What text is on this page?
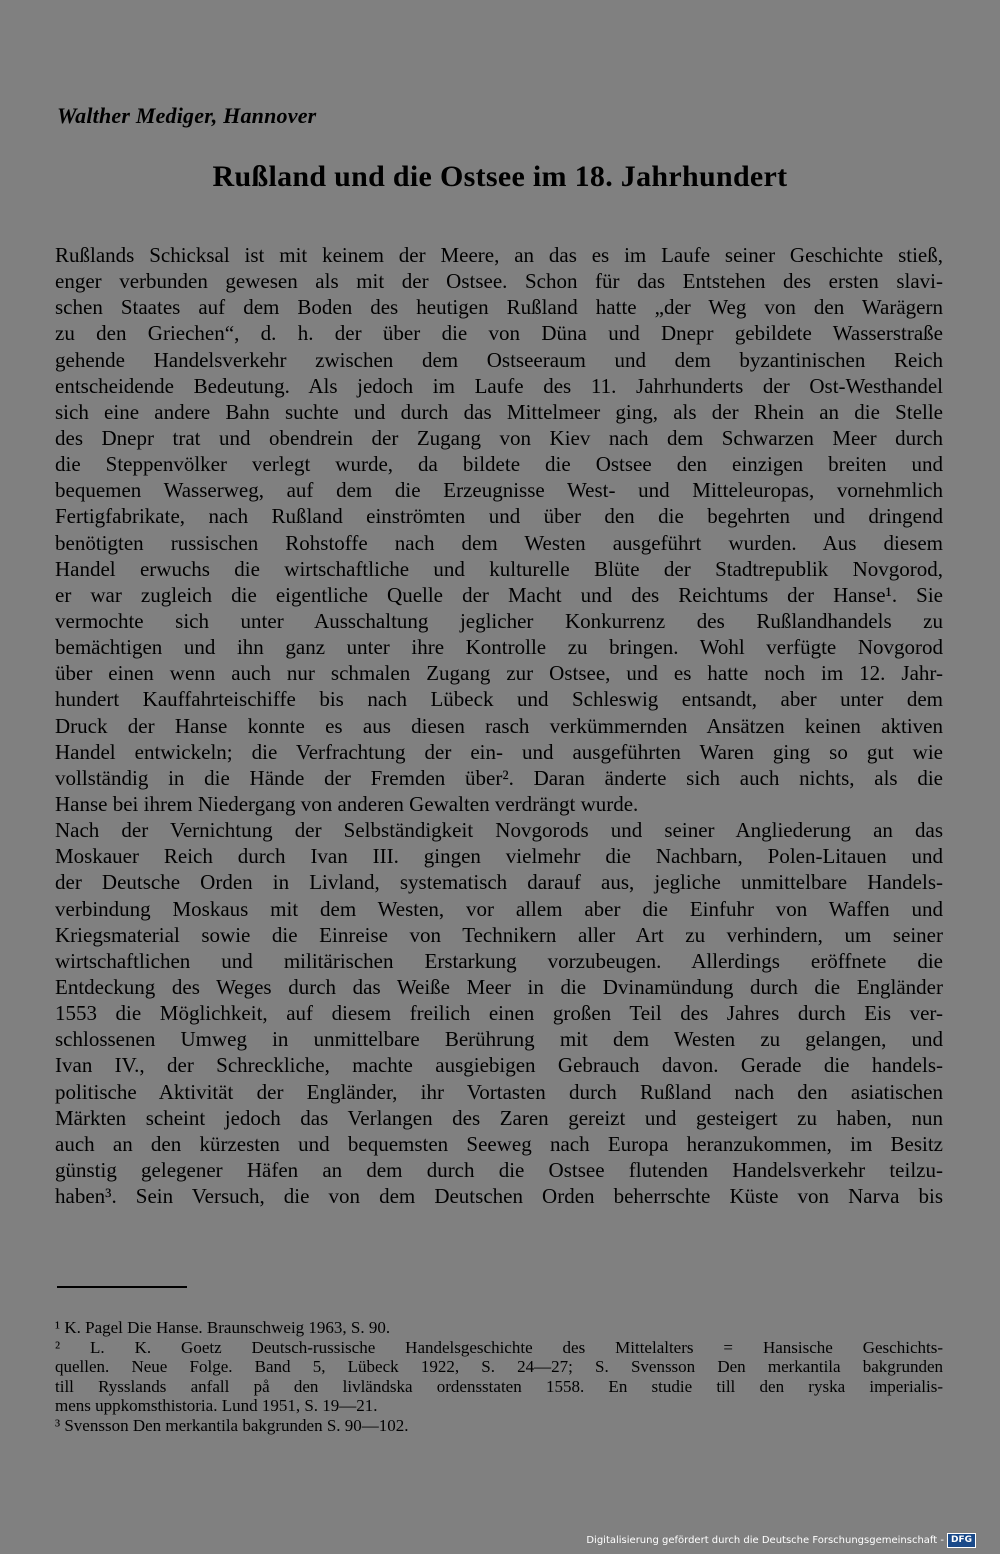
Walther Mediger, Hannover
Rußland und die Ostsee im 18. Jahrhundert
Rußlands Schicksal ist mit keinem der Meere, an das es im Laufe seiner Geschichte stieß,
enger verbunden gewesen als mit der Ostsee. Schon für das Entstehen des ersten slavi-
schen Staates auf dem Boden des heutigen Rußland hatte „der Weg von den Warägern
zu den Griechen“, d. h. der über die von Düna und Dnepr gebildete Wasserstraße
gehende Handelsverkehr zwischen dem Ostseeraum und dem byzantinischen Reich
entscheidende Bedeutung. Als jedoch im Laufe des 11. Jahrhunderts der Ost-Westhandel
sich eine andere Bahn suchte und durch das Mittelmeer ging, als der Rhein an die Stelle
des Dnepr trat und obendrein der Zugang von Kiev nach dem Schwarzen Meer durch
die Steppenvölker verlegt wurde, da bildete die Ostsee den einzigen breiten und
bequemen Wasserweg, auf dem die Erzeugnisse West- und Mitteleuropas, vornehmlich
Fertigfabrikate, nach Rußland einströmten und über den die begehrten und dringend
benötigten russischen Rohstoffe nach dem Westen ausgeführt wurden. Aus diesem
Handel erwuchs die wirtschaftliche und kulturelle Blüte der Stadtrepublik Novgorod,
er war zugleich die eigentliche Quelle der Macht und des Reichtums der Hanse¹. Sie
vermochte sich unter Ausschaltung jeglicher Konkurrenz des Rußlandhandels zu
bemächtigen und ihn ganz unter ihre Kontrolle zu bringen. Wohl verfügte Novgorod
über einen wenn auch nur schmalen Zugang zur Ostsee, und es hatte noch im 12. Jahr-
hundert Kauffahrteischiffe bis nach Lübeck und Schleswig entsandt, aber unter dem
Druck der Hanse konnte es aus diesen rasch verkümmernden Ansätzen keinen aktiven
Handel entwickeln; die Verfrachtung der ein- und ausgeführten Waren ging so gut wie
vollständig in die Hände der Fremden über². Daran änderte sich auch nichts, als die
Hanse bei ihrem Niedergang von anderen Gewalten verdrängt wurde.
Nach der Vernichtung der Selbständigkeit Novgorods und seiner Angliederung an das
Moskauer Reich durch Ivan III. gingen vielmehr die Nachbarn, Polen-Litauen und
der Deutsche Orden in Livland, systematisch darauf aus, jegliche unmittelbare Handels-
verbindung Moskaus mit dem Westen, vor allem aber die Einfuhr von Waffen und
Kriegsmaterial sowie die Einreise von Technikern aller Art zu verhindern, um seiner
wirtschaftlichen und militärischen Erstarkung vorzubeugen. Allerdings eröffnete die
Entdeckung des Weges durch das Weiße Meer in die Dvinamündung durch die Engländer
1553 die Möglichkeit, auf diesem freilich einen großen Teil des Jahres durch Eis ver-
schlossenen Umweg in unmittelbare Berührung mit dem Westen zu gelangen, und
Ivan IV., der Schreckliche, machte ausgiebigen Gebrauch davon. Gerade die handels-
politische Aktivität der Engländer, ihr Vortasten durch Rußland nach den asiatischen
Märkten scheint jedoch das Verlangen des Zaren gereizt und gesteigert zu haben, nun
auch an den kürzesten und bequemsten Seeweg nach Europa heranzukommen, im Besitz
günstig gelegener Häfen an dem durch die Ostsee flutenden Handelsverkehr teilzu-
haben³. Sein Versuch, die von dem Deutschen Orden beherrschte Küste von Narva bis
¹ K. Pagel Die Hanse. Braunschweig 1963, S. 90.
² L. K. Goetz Deutsch-russische Handelsgeschichte des Mittelalters = Hansische Geschichts-
quellen. Neue Folge. Band 5, Lübeck 1922, S. 24—27; S. Svensson Den merkantila bakgrunden
till Rysslands anfall på den livländska ordensstaten 1558. En studie till den ryska imperialis-
mens uppkomsthistoria. Lund 1951, S. 19—21.
³ Svensson Den merkantila bakgrunden S. 90—102.
Digitalisierung gefördert durch die Deutsche Forschungsgemeinschaft - DFG
